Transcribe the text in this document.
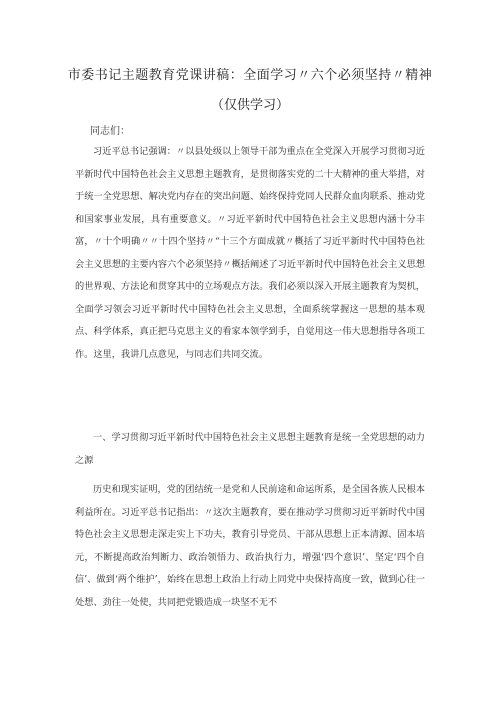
市委书记主题教育党课讲稿：全面学习〃六个必须坚持〃精神
（仅供学习）
同志们：
习近平总书记强调：〃以县处级以上领导干部为重点在全党深入开展学习贯彻习近平新时代中国特色社会主义思想主题教育，是贯彻落实党的二十大精神的重大举措，对于统一全党思想、解决党内存在的突出问题、始终保持党同人民群众血肉联系、推动党和国家事业发展，具有重要意义。〃习近平新时代中国特色社会主义思想内涵十分丰富，〃十个明确〃〃十四个坚持〃“十三个方面成就〃概括了习近平新时代中国特色社会主义思想的主要内容六个必须坚持〃概括阐述了习近平新时代中国特色社会主义思想的世界观、方法论和贯穿其中的立场观点方法。我们必须以深入开展主题教育为契机，全面学习领会习近平新时代中国特色社会主义思想，全面系统掌握这一思想的基本观点、科学体系，真正把马克思主义的看家本领学到手，自觉用这一伟大思想指导各项工作。这里，我讲几点意见，与同志们共同交流。
一、学习贯彻习近平新时代中国特色社会主义思想主题教育是统一全党思想的动力之源
历史和现实证明，党的团结统一是党和人民前途和命运所系，是全国各族人民根本利益所在。习近平总书记指出：〃这次主题教育，要在推动学习贯彻习近平新时代中国特色社会主义思想走深走实上下功夫，教育引导党员、干部从思想上正本清源、固本培元，不断提高政治判断力、政治领悟力、政治执行力，增强‘四个意识’、坚定‘四个自信’、做到‘两个维护’，始终在思想上政治上行动上同党中央保持高度一致，做到心往一处想、劲往一处使，共同把党锻造成一块坚不无不
